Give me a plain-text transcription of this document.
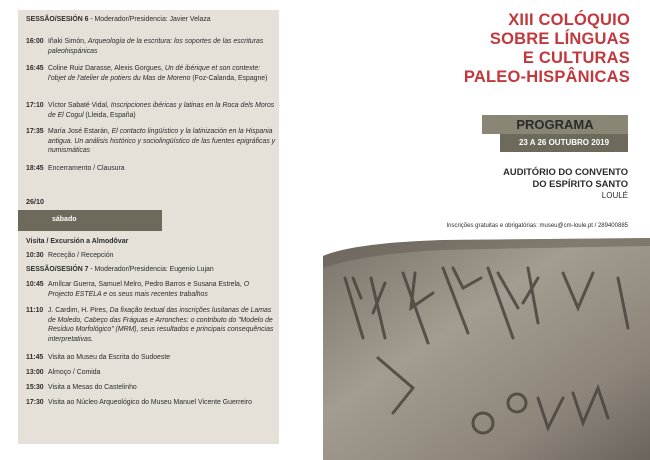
SESSÃO/SESIÓN 6 - Moderador/Presidencia: Javier Velaza
16:00 Iñaki Simón, Arqueología de la escritura: los soportes de las escrituras paleohispánicas
16:45 Coline Ruiz Darasse, Alexis Gorgues, Un dé ibérique et son contexte: l'objet de l'atelier de potiers du Mas de Moreno (Foz-Calanda, Espagne)
17:10 Víctor Sabaté Vidal, Inscripciones ibéricas y latinas en la Roca dels Moros de El Cogul (Lleida, España)
17:35 María José Estarán, El contacto lingüístico y la latinización en la Hispania antigua. Un análisis histórico y sociolingüístico de las fuentes epigráficas y numismáticas
18:45 Encerramento / Clausura
26/10
sábado
Visita / Excursión a Almodôvar
10:30 Receção / Recepción
SESSÃO/SESIÓN 7 - Moderador/Presidencia: Eugenio Lujan
10:45 Amílcar Guerra, Samuel Melro, Pedro Barros e Susana Estrela, O Projecto ESTELA e os seus mais recentes trabalhos
11:10 J. Cardim, H. Pires, Da fixação textual das inscrições lusitanas de Lamas de Moledo, Cabeço das Fráguas e Arronches: o contributo do "Modelo de Resíduo Morfológico" (MRM), seus resultados e principais consequências interpretativas.
11:45 Visita ao Museu da Escrita do Sudoeste
13:00 Almoço / Comida
15:30 Visita a Mesas do Castelinho
17:30 Visita ao Núcleo Arqueológico do Museu Manuel Vicente Guerreiro
XIII COLÓQUIO
SOBRE LÍNGUAS
E CULTURAS
PALEO-HISPÂNICAS
PROGRAMA
23 A 26 OUTUBRO 2019
AUDITÓRIO DO CONVENTO
DO ESPÍRITO SANTO
LOULÉ
Inscrições gratuitas e obrigatórias: museu@cm-loule.pt / 289400885
